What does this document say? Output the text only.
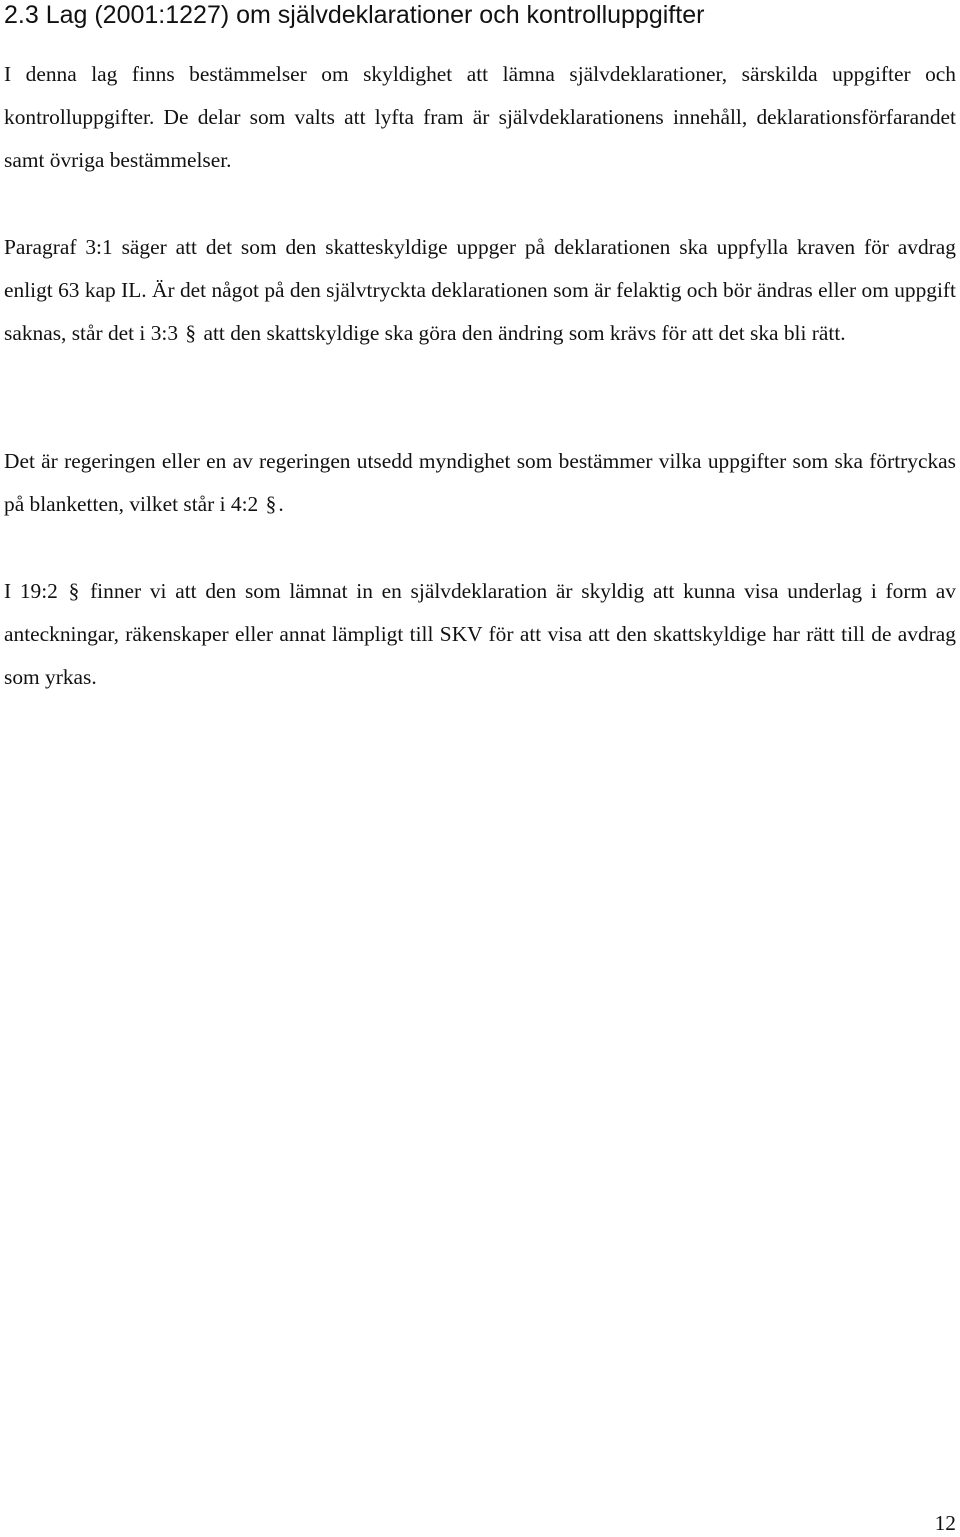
2.3 Lag (2001:1227) om självdeklarationer och kontrolluppgifter

I denna lag finns bestämmelser om skyldighet att lämna självdeklarationer, särskilda uppgifter och kontrolluppgifter. De delar som valts att lyfta fram är självdeklarationens innehåll, deklarationsförfarandet samt övriga bestämmelser.

Paragraf 3:1 säger att det som den skatteskyldige uppger på deklarationen ska uppfylla kraven för avdrag enligt 63 kap IL. Är det något på den självtryckta deklarationen som är felaktig och bör ändras eller om uppgift saknas, står det i 3:3 § att den skattskyldige ska göra den ändring som krävs för att det ska bli rätt.

Det är regeringen eller en av regeringen utsedd myndighet som bestämmer vilka uppgifter som ska förtryckas på blanketten, vilket står i 4:2 §.

I 19:2 § finner vi att den som lämnat in en självdeklaration är skyldig att kunna visa underlag i form av anteckningar, räkenskaper eller annat lämpligt till SKV för att visa att den skattskyldige har rätt till de avdrag som yrkas.

12
